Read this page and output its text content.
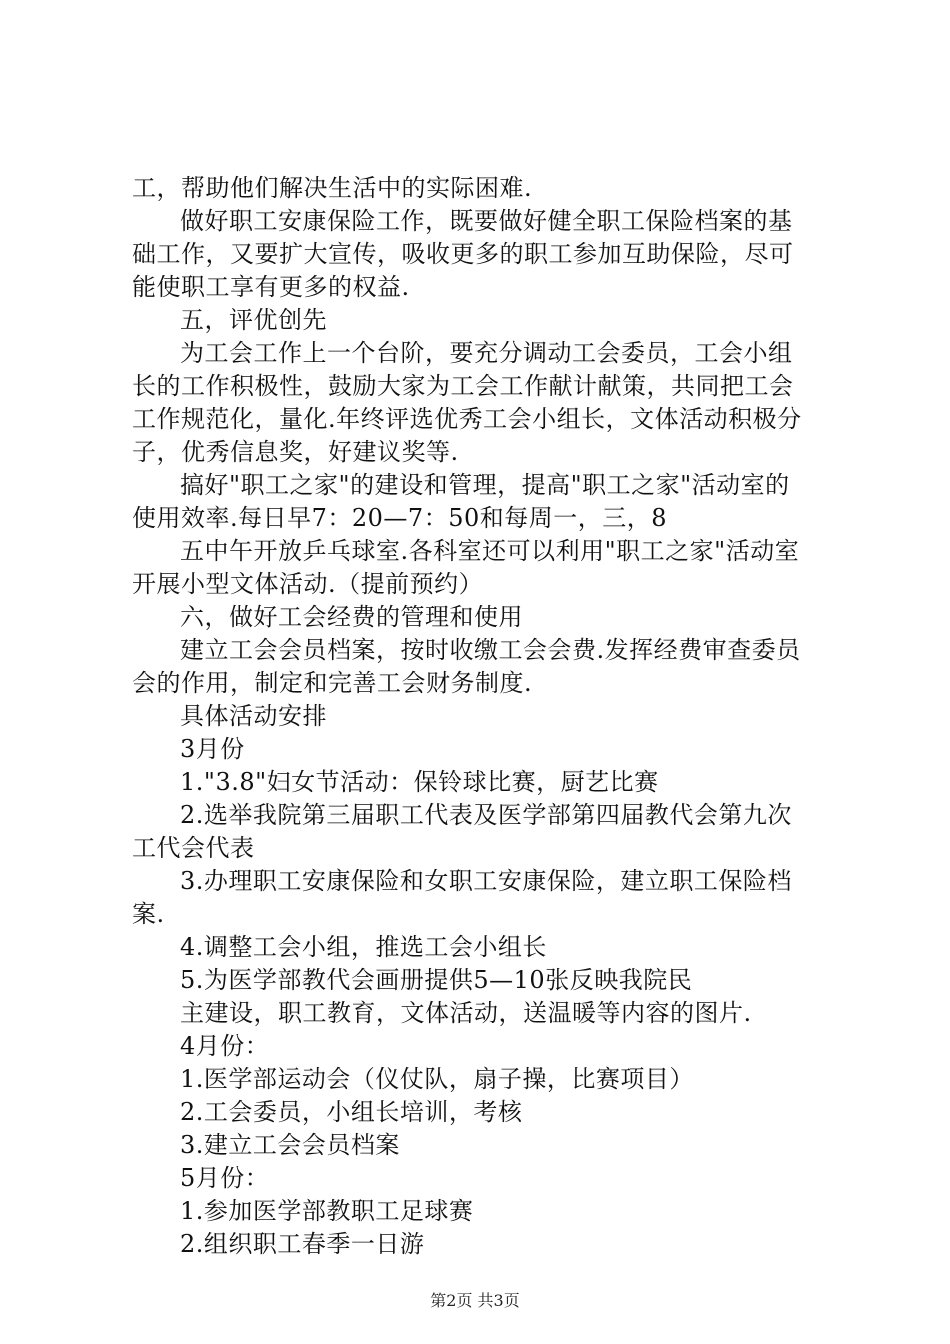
工，帮助他们解决生活中的实际困难.
做好职工安康保险工作，既要做好健全职工保险档案的基
础工作，又要扩大宣传，吸收更多的职工参加互助保险，尽可
能使职工享有更多的权益.
五，评优创先
为工会工作上一个台阶，要充分调动工会委员，工会小组
长的工作积极性，鼓励大家为工会工作献计献策，共同把工会
工作规范化，量化.年终评选优秀工会小组长，文体活动积极分
子，优秀信息奖，好建议奖等.
搞好"职工之家"的建设和管理，提高"职工之家"活动室的
使用效率.每日早7：20—7：50和每周一，三，8
五中午开放乒乓球室.各科室还可以利用"职工之家"活动室
开展小型文体活动.（提前预约）
六，做好工会经费的管理和使用
建立工会会员档案，按时收缴工会会费.发挥经费审查委员
会的作用，制定和完善工会财务制度.
具体活动安排
3月份
1."3.8"妇女节活动：保铃球比赛，厨艺比赛
2.选举我院第三届职工代表及医学部第四届教代会第九次
工代会代表
3.办理职工安康保险和女职工安康保险，建立职工保险档
案.
4.调整工会小组，推选工会小组长
5.为医学部教代会画册提供5—10张反映我院民
主建设，职工教育，文体活动，送温暖等内容的图片.
4月份：
1.医学部运动会（仪仗队，扇子操，比赛项目）
2.工会委员，小组长培训，考核
3.建立工会会员档案
5月份：
1.参加医学部教职工足球赛
2.组织职工春季一日游
第2页 共3页
